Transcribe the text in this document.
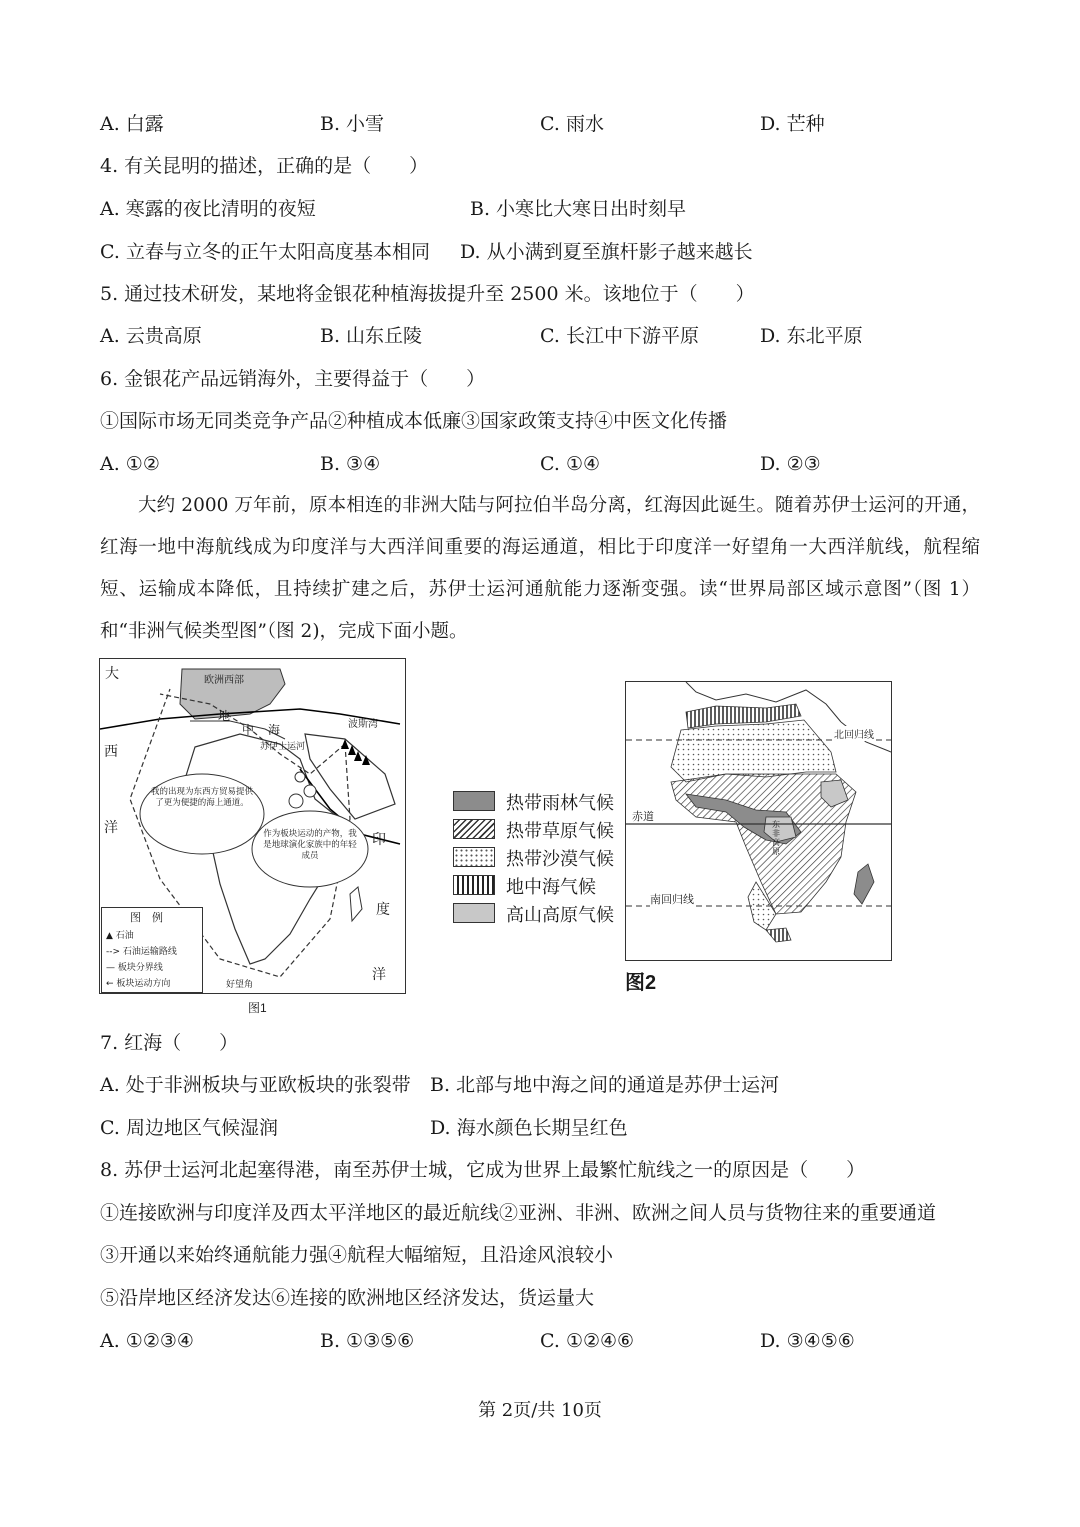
A. 白露	B. 小雪	C. 雨水	D. 芒种
4. 有关昆明的描述，正确的是（　　）
A. 寒露的夜比清明的夜短	B. 小寒比大寒日出时刻早
C. 立春与立冬的正午太阳高度基本相同 D. 从小满到夏至旗杆影子越来越长
5. 通过技术研发，某地将金银花种植海拔提升至 2500 米。该地位于（　　）
A. 云贵高原	B. 山东丘陵	C. 长江中下游平原	D. 东北平原
6. 金银花产品远销海外，主要得益于（　　）
①国际市场无同类竞争产品②种植成本低廉③国家政策支持④中医文化传播
A. ①②	B. ③④	C. ①④	D. ②③

大约 2000 万年前，原本相连的非洲大陆与阿拉伯半岛分离，红海因此诞生。随着苏伊士运河的开通，红海一地中海航线成为印度洋与大西洋间重要的海运通道，相比于印度洋一好望角一大西洋航线，航程缩短、运输成本降低，且持续扩建之后，苏伊士运河通航能力逐渐变强。读“世界局部区域示意图”（图 1）和“非洲气候类型图”（图 2)，完成下面小题。

大
西
洋
欧洲西部
地
中 海
苏伊士运河
波斯湾
印
度
洋
好望角
我的出现为东西方贸易提供了更为便捷的海上通道。
作为板块运动的产物，我是地球演化家族中的年轻成员
图　例
▲ 石油
--> 石油运输路线
— 板块分界线
← 板块运动方向
图1
热带雨林气候
热带草原气候
热带沙漠气候
地中海气候
高山高原气候
北回归线
赤道
南回归线
东非高原
图2
7. 红海（　　）
A. 处于非洲板块与亚欧板块的张裂带 B. 北部与地中海之间的通道是苏伊士运河
C. 周边地区气候湿润	D. 海水颜色长期呈红色
8. 苏伊士运河北起塞得港，南至苏伊士城，它成为世界上最繁忙航线之一的原因是（　　）
①连接欧洲与印度洋及西太平洋地区的最近航线②亚洲、非洲、欧洲之间人员与货物往来的重要通道
③开通以来始终通航能力强④航程大幅缩短，且沿途风浪较小
⑤沿岸地区经济发达⑥连接的欧洲地区经济发达，货运量大
A. ①②③④	B. ①③⑤⑥	C. ①②④⑥	D. ③④⑤⑥
第 2页/共 10页
